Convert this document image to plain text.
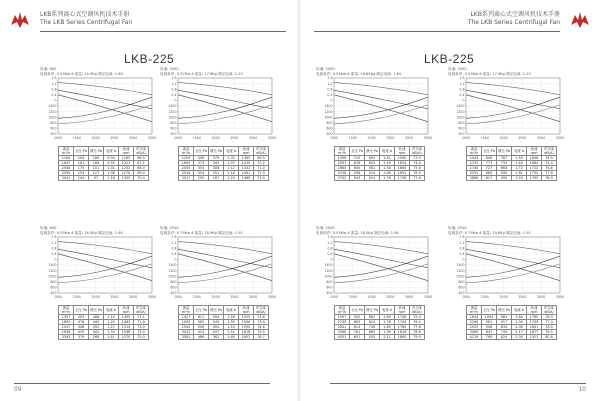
LKB系列离心式空调风机技术手册
The LKB Series Centrifugal Fan
LKB-225
转速: 600
电源条件: 0.55Kw-4 重量: 15.9Kg 额定电流: 1.64
1.6
1.2
0.8
0.4
0
1400
1200
1000
800
600
400
1000	1500	2000	2500	3000	3500
流量 m³/h	全压 Pa	静压 Pa	电流 A	转速 rpm	声功率 dB(A)
1160	204	189	0.90	1185	66.5
1647	181	168	0.95	1221	67.1
2046	170	151	1.01	1252	68.0
2550	153	127	1.08	1270	69.0
3041	144	97	1.16	1305	70.4
转速: 2050
电源条件: 0.37Kw-4 重量: 17.8Kg 额定电流: 1.23
1.6
1.2
0.8
0.4
0
1400
1200
1000
800
600
400
1000	1500	2000	2500	3000	3500
流量 m³/h	全压 Pa	静压 Pa	电流 A	转速 rpm	声功率 dB(A)
1209	396	379	1.02	1385	69.5
1609	373	343	1.07	1410	70.2
2005	354	308	1.12	1432	71.0
2516	324	251	1.18	1461	72.3
3017	292	187	1.25	1489	73.4
转速: 600
电源条件: 0.55Kw-4 重量: 16.0Kg 额定电流: 1.64
1.6
1.2
0.8
0.4
0
1400
1200
1000
800
600
400
1000	1500	2000	2500	3000	3500
流量 m³/h	全压 Pa	静压 Pa	电流 A	转速 rpm	声功率 dB(A)
1357	503	488	1.14	1455	71.1
1892	478	445	1.20	1483	71.9
2417	448	392	1.27	1514	73.0
2836	419	342	1.33	1538	73.9
3393	379	268	1.41	1570	75.0
转速: 2050
电源条件: 0.75Kw-4 重量: 18.9Kg 额定电流: 1.91
1.6
1.2
0.8
0.4
0
1400
1200
1000
800
600
400
1000	1500	2000	2500	3000	3500
流量 m³/h	全压 Pa	静压 Pa	电流 A	转速 rpm	声功率 dB(A)
1427	611	594	1.28	1525	72.6
1995	582	549	1.35	1556	73.4
2543	549	494	1.43	1590	74.6
3012	513	437	1.51	1618	75.5
3581	466	362	1.60	1652	76.7
09
LKB系列离心式空调风机技术手册
The LKB Series Centrifugal Fan
LKB-225
转速: 2050
电源条件: 0.55Kw-4 重量: 16.65Kg 额定电流: 1.64
1.6
1.2
0.8
0.4
0
1400
1200
1000
800
600
400
1000	1500	2000	2500	3000	3500
流量 m³/h	全压 Pa	静压 Pa	电流 A	转速 rpm	声功率 dB(A)
1498	710	692	1.41	1590	73.5
2091	678	642	1.49	1624	74.4
2664	640	581	1.58	1660	75.6
3156	598	514	1.66	1691	76.5
3752	543	424	1.76	1728	77.8
转速: 2050
电源条件: 0.55Kw-4 重量: 17.6Kg 额定电流: 1.23
1.6
1.2
0.8
0.4
0
1400
1200
1000
800
600
400
1000	1500	2000	2500	3000	3500
流量 m³/h	全压 Pa	静压 Pa	电流 A	转速 rpm	声功率 dB(A)
1543	806	787	1.55	1648	74.5
2155	771	733	1.63	1684	75.4
2745	727	664	1.73	1722	76.6
3252	680	590	1.82	1755	77.6
3866	617	490	1.93	1795	78.9
转速: 2050
电源条件: 0.55Kw-4 重量: 18.4Kg 额定电流: 1.64
1.6
1.2
0.8
0.4
0
1400
1200
1000
800
600
400
1000	1500	2000	2500	3000	3500
流量 m³/h	全压 Pa	静压 Pa	电流 A	转速 rpm	声功率 dB(A)
1597	902	882	1.69	1706	75.4
2230	863	822	1.78	1744	76.4
2841	814	746	1.89	1784	77.6
3366	761	665	1.99	1818	78.6
4001	691	555	2.11	1860	79.9
转速: 2050
电源条件: 0.75Kw-4 重量: 19.6Kg 额定电流: 1.91
1.6
1.2
0.8
0.4
0
1400
1200
1000
800
600
400
1000	1500	2000	2500	3000	3500
流量 m³/h	全压 Pa	静压 Pa	电流 A	转速 rpm	声功率 dB(A)
1644	1004	983	1.84	1760	76.3
2296	961	917	1.94	1799	77.3
2925	906	834	2.06	1841	78.5
3465	847	745	2.17	1877	79.5
4119	769	624	2.30	1921	80.8
10
